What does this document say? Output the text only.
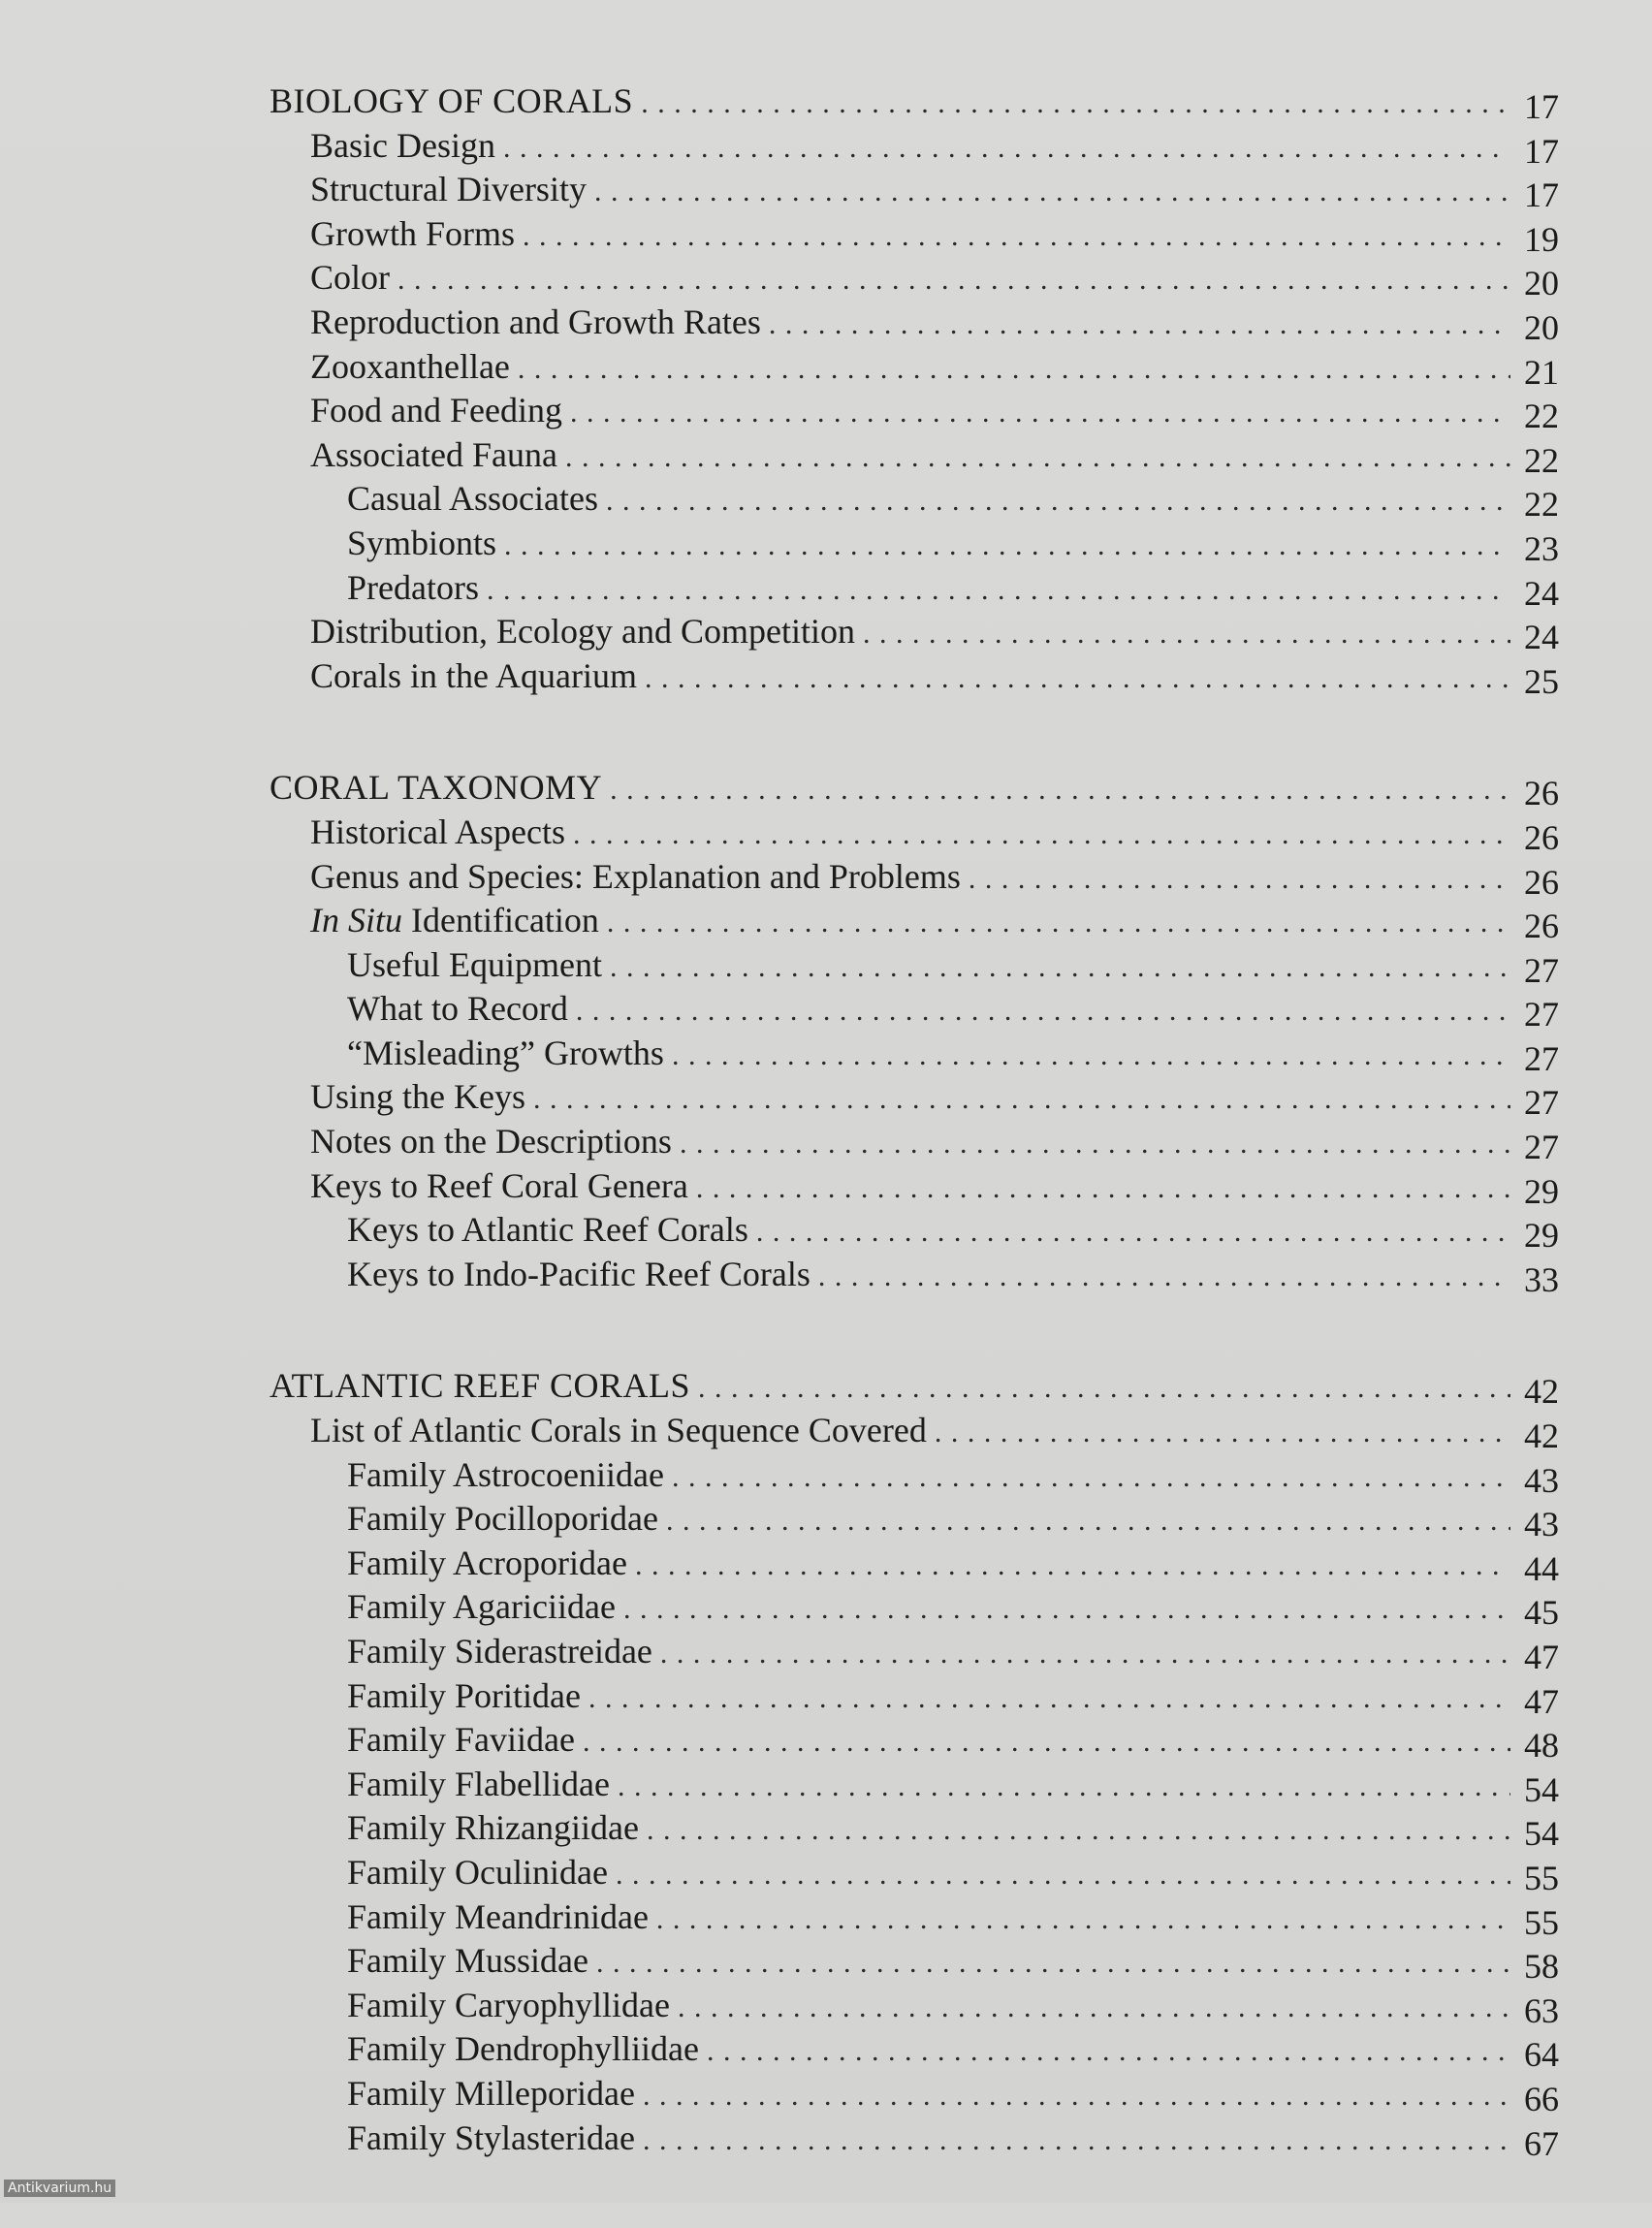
BIOLOGY OF CORALS . . .	17
Basic Design . . .	17
Structural Diversity . . .	17
Growth Forms . . .	19
Color . . .	20
Reproduction and Growth Rates . . .	20
Zooxanthellae . . .	21
Food and Feeding . . .	22
Associated Fauna . . .	22
Casual Associates . . .	22
Symbionts . . .	23
Predators . . .	24
Distribution, Ecology and Competition . . .	24
Corals in the Aquarium . . .	25
CORAL TAXONOMY . . .	26
Historical Aspects . . .	26
Genus and Species: Explanation and Problems . . .	26
In Situ Identification . . .	26
Useful Equipment . . .	27
What to Record . . .	27
“Misleading” Growths . . .	27
Using the Keys . . .	27
Notes on the Descriptions . . .	27
Keys to Reef Coral Genera . . .	29
Keys to Atlantic Reef Corals . . .	29
Keys to Indo-Pacific Reef Corals . . .	33
ATLANTIC REEF CORALS . . .	42
List of Atlantic Corals in Sequence Covered . . .	42
Family Astrocoeniidae . . .	43
Family Pocilloporidae . . .	43
Family Acroporidae . . .	44
Family Agariciidae . . .	45
Family Siderastreidae . . .	47
Family Poritidae . . .	47
Family Faviidae . . .	48
Family Flabellidae . . .	54
Family Rhizangiidae . . .	54
Family Oculinidae . . .	55
Family Meandrinidae . . .	55
Family Mussidae . . .	58
Family Caryophyllidae . . .	63
Family Dendrophylliidae . . .	64
Family Milleporidae . . .	66
Family Stylasteridae . . .	67
Antikvarium.hu
